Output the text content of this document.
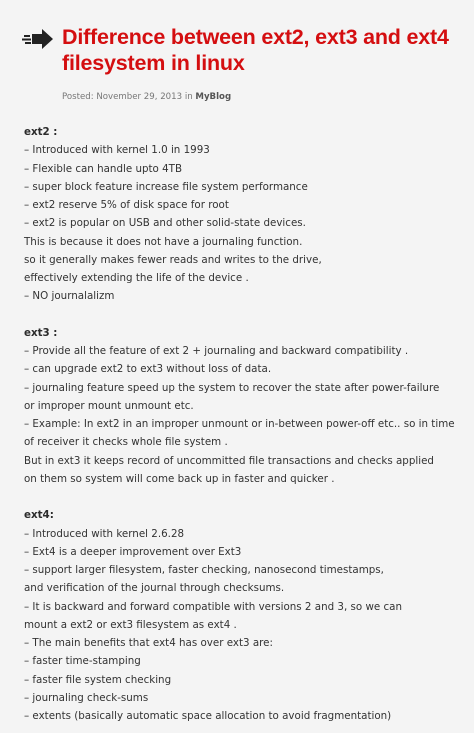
Difference between ext2, ext3 and ext4 filesystem in linux
Posted: November 29, 2013 in MyBlog
ext2 :
– Introduced with kernel 1.0 in 1993
– Flexible can handle upto 4TB
– super block feature increase file system performance
– ext2 reserve 5% of disk space for root
– ext2 is popular on USB and other solid-state devices.
This is because it does not have a journaling function.
so it generally makes fewer reads and writes to the drive,
effectively extending the life of the device .
– NO journalalizm
ext3 :
– Provide all the feature of ext 2 + journaling and backward compatibility .
– can upgrade ext2 to ext3 without loss of data.
– journaling feature speed up the system to recover the state after power-failure
or improper mount unmount etc.
– Example: In ext2 in an improper unmount or in-between power-off etc.. so in time
of receiver it checks whole file system .
But in ext3 it keeps record of uncommitted file transactions and checks applied
on them so system will come back up in faster and quicker .
ext4:
– Introduced with kernel 2.6.28
– Ext4 is a deeper improvement over Ext3
– support larger filesystem, faster checking, nanosecond timestamps,
and verification of the journal through checksums.
– It is backward and forward compatible with versions 2 and 3, so we can
mount a ext2 or ext3 filesystem as ext4 .
– The main benefits that ext4 has over ext3 are:
– faster time-stamping
– faster file system checking
– journaling check-sums
– extents (basically automatic space allocation to avoid fragmentation)
